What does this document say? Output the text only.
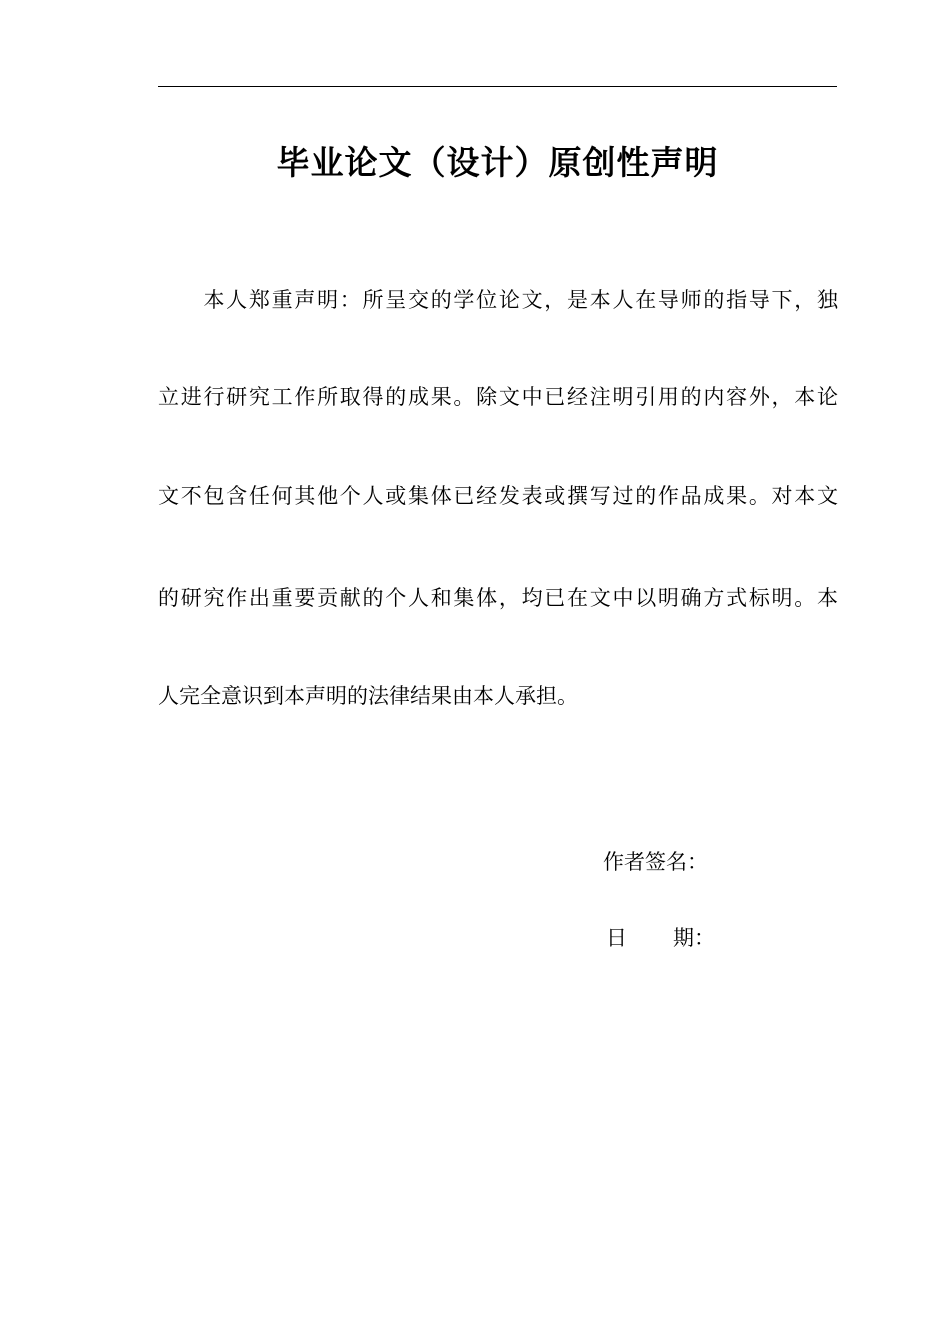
毕业论文（设计）原创性声明
　　本人郑重声明：所呈交的学位论文，是本人在导师的指导下，独
立进行研究工作所取得的成果。除文中已经注明引用的内容外，本论
文不包含任何其他个人或集体已经发表或撰写过的作品成果。对本文
的研究作出重要贡献的个人和集体，均已在文中以明确方式标明。本
人完全意识到本声明的法律结果由本人承担。
作者签名：
日 期：
